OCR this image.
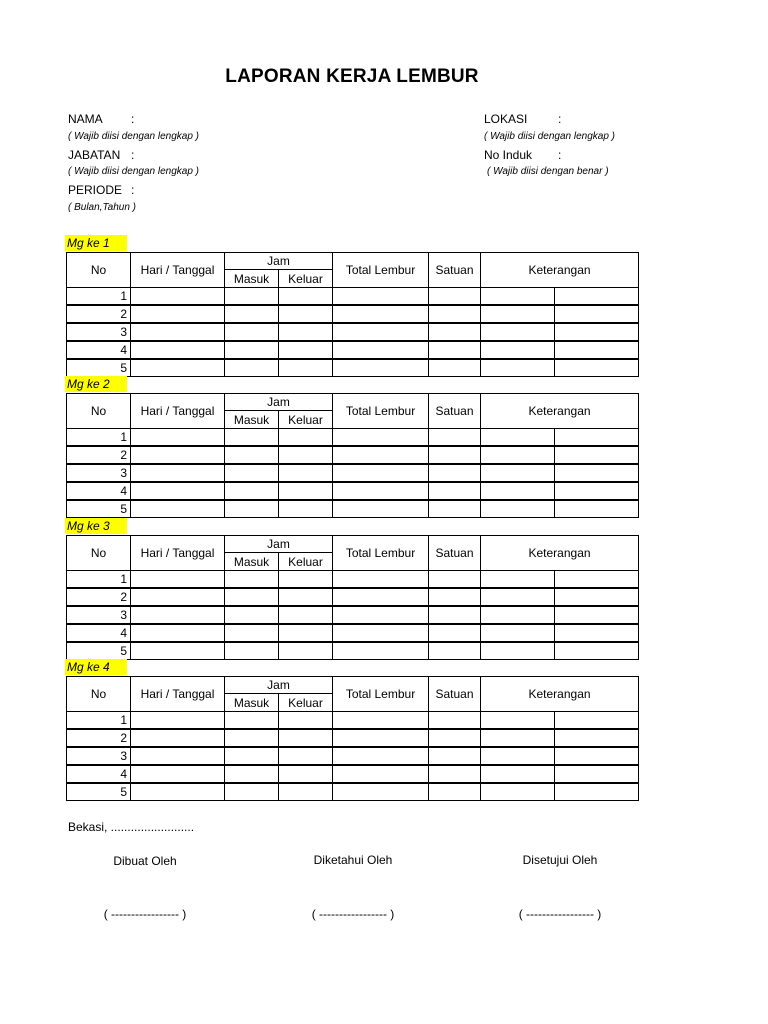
LAPORAN KERJA LEMBUR
NAMA :
( Wajib diisi dengan lengkap )
JABATAN :
( Wajib diisi dengan lengkap )
PERIODE :
( Bulan,Tahun )
LOKASI	:
( Wajib diisi dengan lengkap )
No Induk :
( Wajib diisi dengan benar )
Mg ke 1
No	Hari / Tanggal	Jam		Total Lembur	Satuan	Keterangan	
		Masuk	Keluar				
1							
2							
3							
4							
5							
Mg ke 2
No	Hari / Tanggal	Jam		Total Lembur	Satuan	Keterangan	
		Masuk	Keluar				
1							
2							
3							
4							
5							
Mg ke 3
No	Hari / Tanggal	Jam		Total Lembur	Satuan	Keterangan	
		Masuk	Keluar				
1							
2							
3							
4							
5							
Mg ke 4
No	Hari / Tanggal	Jam		Total Lembur	Satuan	Keterangan	
		Masuk	Keluar				
1							
2							
3							
4							
5							
Bekasi, .........................
Dibuat Oleh	Diketahui Oleh	Disetujui Oleh
( ----------------- )	( ----------------- )	( ----------------- )
